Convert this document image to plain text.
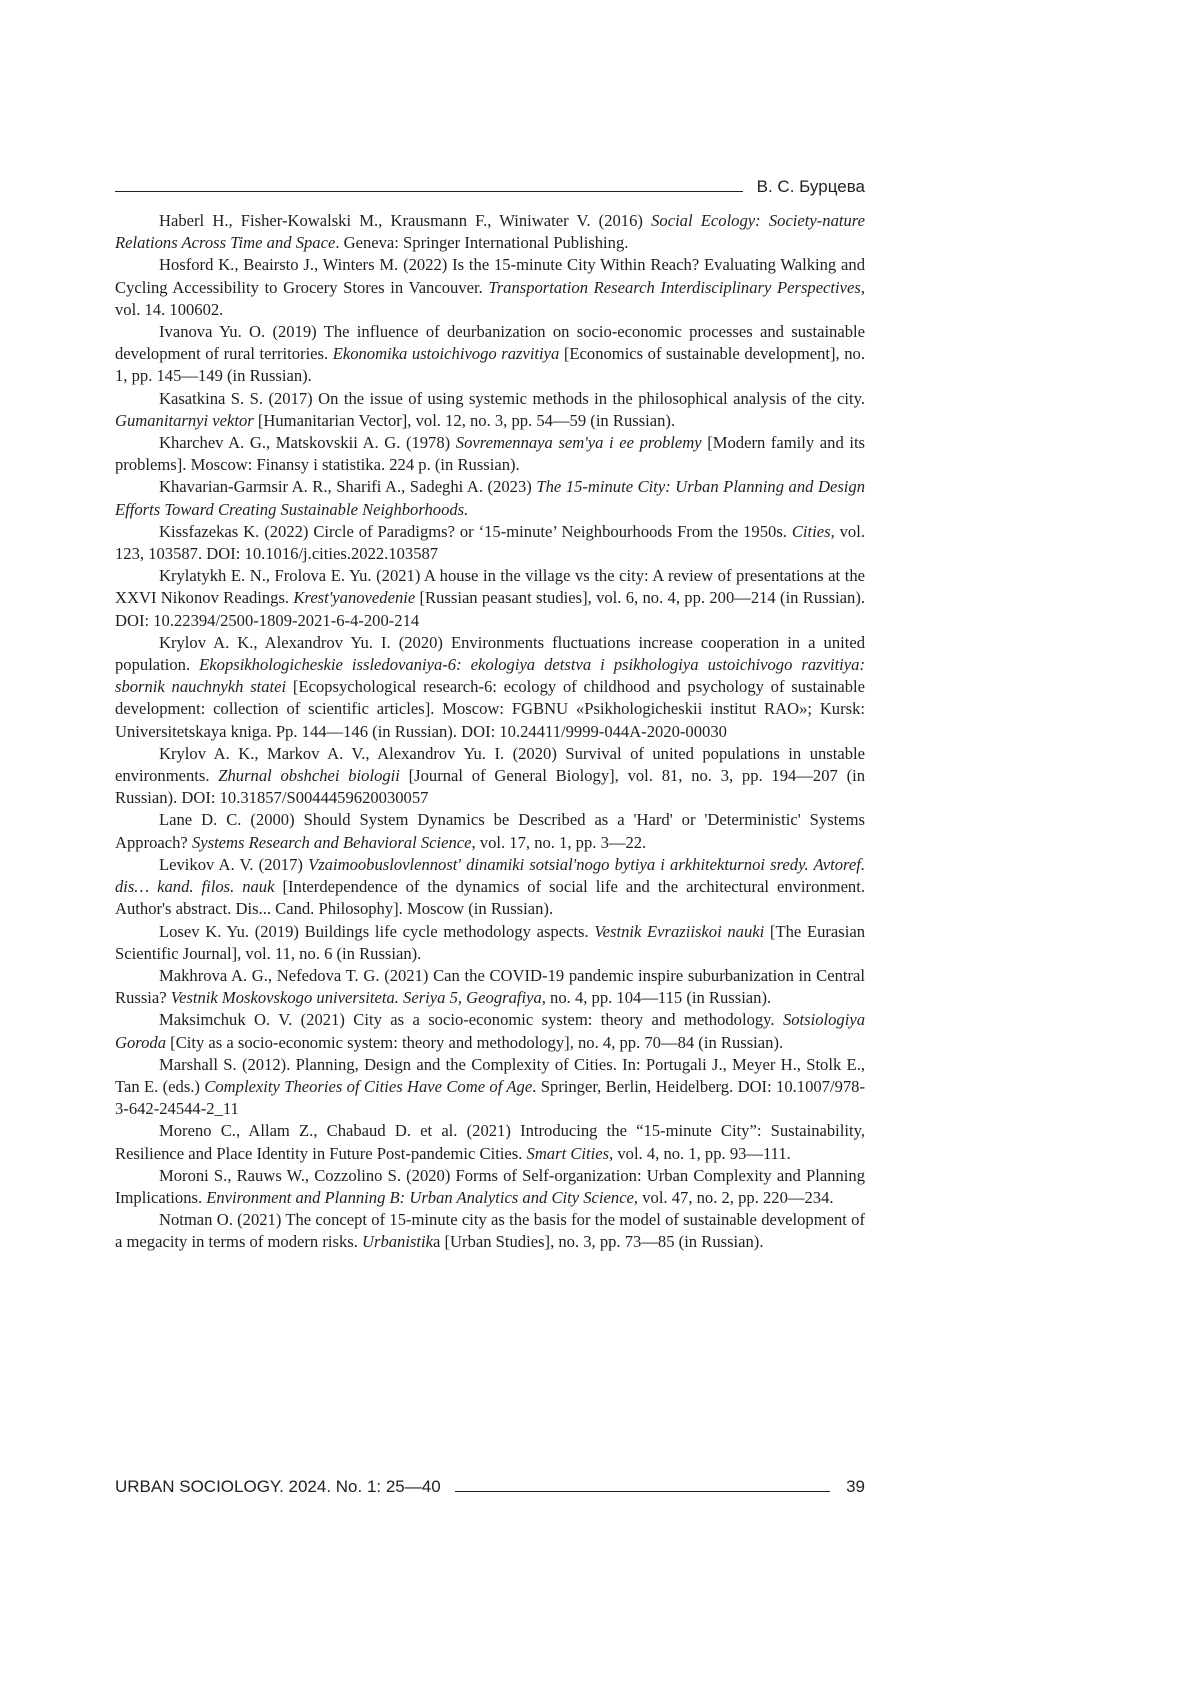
В. С. Бурцева

Haberl H., Fisher-Kowalski M., Krausmann F., Winiwater V. (2016) Social Ecology: Society-nature Relations Across Time and Space. Geneva: Springer International Publishing.

Hosford K., Beairsto J., Winters M. (2022) Is the 15-minute City Within Reach? Evaluating Walking and Cycling Accessibility to Grocery Stores in Vancouver. Transportation Research Interdisciplinary Perspectives, vol. 14. 100602.

Ivanova Yu. O. (2019) The influence of deurbanization on socio-economic processes and sustainable development of rural territories. Ekonomika ustoichivogo razvitiya [Economics of sustainable development], no. 1, pp. 145—149 (in Russian).

Kasatkina S. S. (2017) On the issue of using systemic methods in the philosophical analysis of the city. Gumanitarnyi vektor [Humanitarian Vector], vol. 12, no. 3, pp. 54—59 (in Russian).

Kharchev A. G., Matskovskii A. G. (1978) Sovremennaya sem'ya i ee problemy [Modern family and its problems]. Moscow: Finansy i statistika. 224 p. (in Russian).

Khavarian-Garmsir A. R., Sharifi A., Sadeghi A. (2023) The 15-minute City: Urban Planning and Design Efforts Toward Creating Sustainable Neighborhoods.

Kissfazekas K. (2022) Circle of Paradigms? or ‘15-minute’ Neighbourhoods From the 1950s. Cities, vol. 123, 103587. DOI: 10.1016/j.cities.2022.103587

Krylatykh E. N., Frolova E. Yu. (2021) A house in the village vs the city: A review of presentations at the XXVI Nikonov Readings. Krest'yanovedenie [Russian peasant studies], vol. 6, no. 4, pp. 200—214 (in Russian). DOI: 10.22394/2500-1809-2021-6-4-200-214

Krylov A. K., Alexandrov Yu. I. (2020) Environments fluctuations increase cooperation in a united population. Ekopsikhologicheskie issledovaniya-6: ekologiya detstva i psikhologiya ustoichivogo razvitiya: sbornik nauchnykh statei [Ecopsychological research-6: ecology of childhood and psychology of sustainable development: collection of scientific articles]. Moscow: FGBNU «Psikhologicheskii institut RAO»; Kursk: Universitetskaya kniga. Pp. 144—146 (in Russian). DOI: 10.24411/9999-044A-2020-00030

Krylov A. K., Markov A. V., Alexandrov Yu. I. (2020) Survival of united populations in unstable environments. Zhurnal obshchei biologii [Journal of General Biology], vol. 81, no. 3, pp. 194—207 (in Russian). DOI: 10.31857/S0044459620030057

Lane D. C. (2000) Should System Dynamics be Described as a 'Hard' or 'Deterministic' Systems Approach? Systems Research and Behavioral Science, vol. 17, no. 1, pp. 3—22.

Levikov A. V. (2017) Vzaimoobuslovlennost' dinamiki sotsial'nogo bytiya i arkhitekturnoi sredy. Avtoref. dis… kand. filos. nauk [Interdependence of the dynamics of social life and the architectural environment. Author's abstract. Dis... Cand. Philosophy]. Moscow (in Russian).

Losev K. Yu. (2019) Buildings life cycle methodology aspects. Vestnik Evraziiskoi nauki [The Eurasian Scientific Journal], vol. 11, no. 6 (in Russian).

Makhrova A. G., Nefedova T. G. (2021) Can the COVID-19 pandemic inspire suburbanization in Central Russia? Vestnik Moskovskogo universiteta. Seriya 5, Geografiya, no. 4, pp. 104—115 (in Russian).

Maksimchuk O. V. (2021) City as a socio-economic system: theory and methodology. Sotsiologiya Goroda [City as a socio-economic system: theory and methodology], no. 4, pp. 70—84 (in Russian).

Marshall S. (2012). Planning, Design and the Complexity of Cities. In: Portugali J., Meyer H., Stolk E., Tan E. (eds.) Complexity Theories of Cities Have Come of Age. Springer, Berlin, Heidelberg. DOI: 10.1007/978-3-642-24544-2_11

Moreno C., Allam Z., Chabaud D. et al. (2021) Introducing the “15-minute City”: Sustainability, Resilience and Place Identity in Future Post-pandemic Cities. Smart Cities, vol. 4, no. 1, pp. 93—111.

Moroni S., Rauws W., Cozzolino S. (2020) Forms of Self-organization: Urban Complexity and Planning Implications. Environment and Planning B: Urban Analytics and City Science, vol. 47, no. 2, pp. 220—234.

Notman O. (2021) The concept of 15-minute city as the basis for the model of sustainable development of a megacity in terms of modern risks. Urbanistika [Urban Studies], no. 3, pp. 73—85 (in Russian).

URBAN SOCIOLOGY. 2024. No. 1: 25—40	39
